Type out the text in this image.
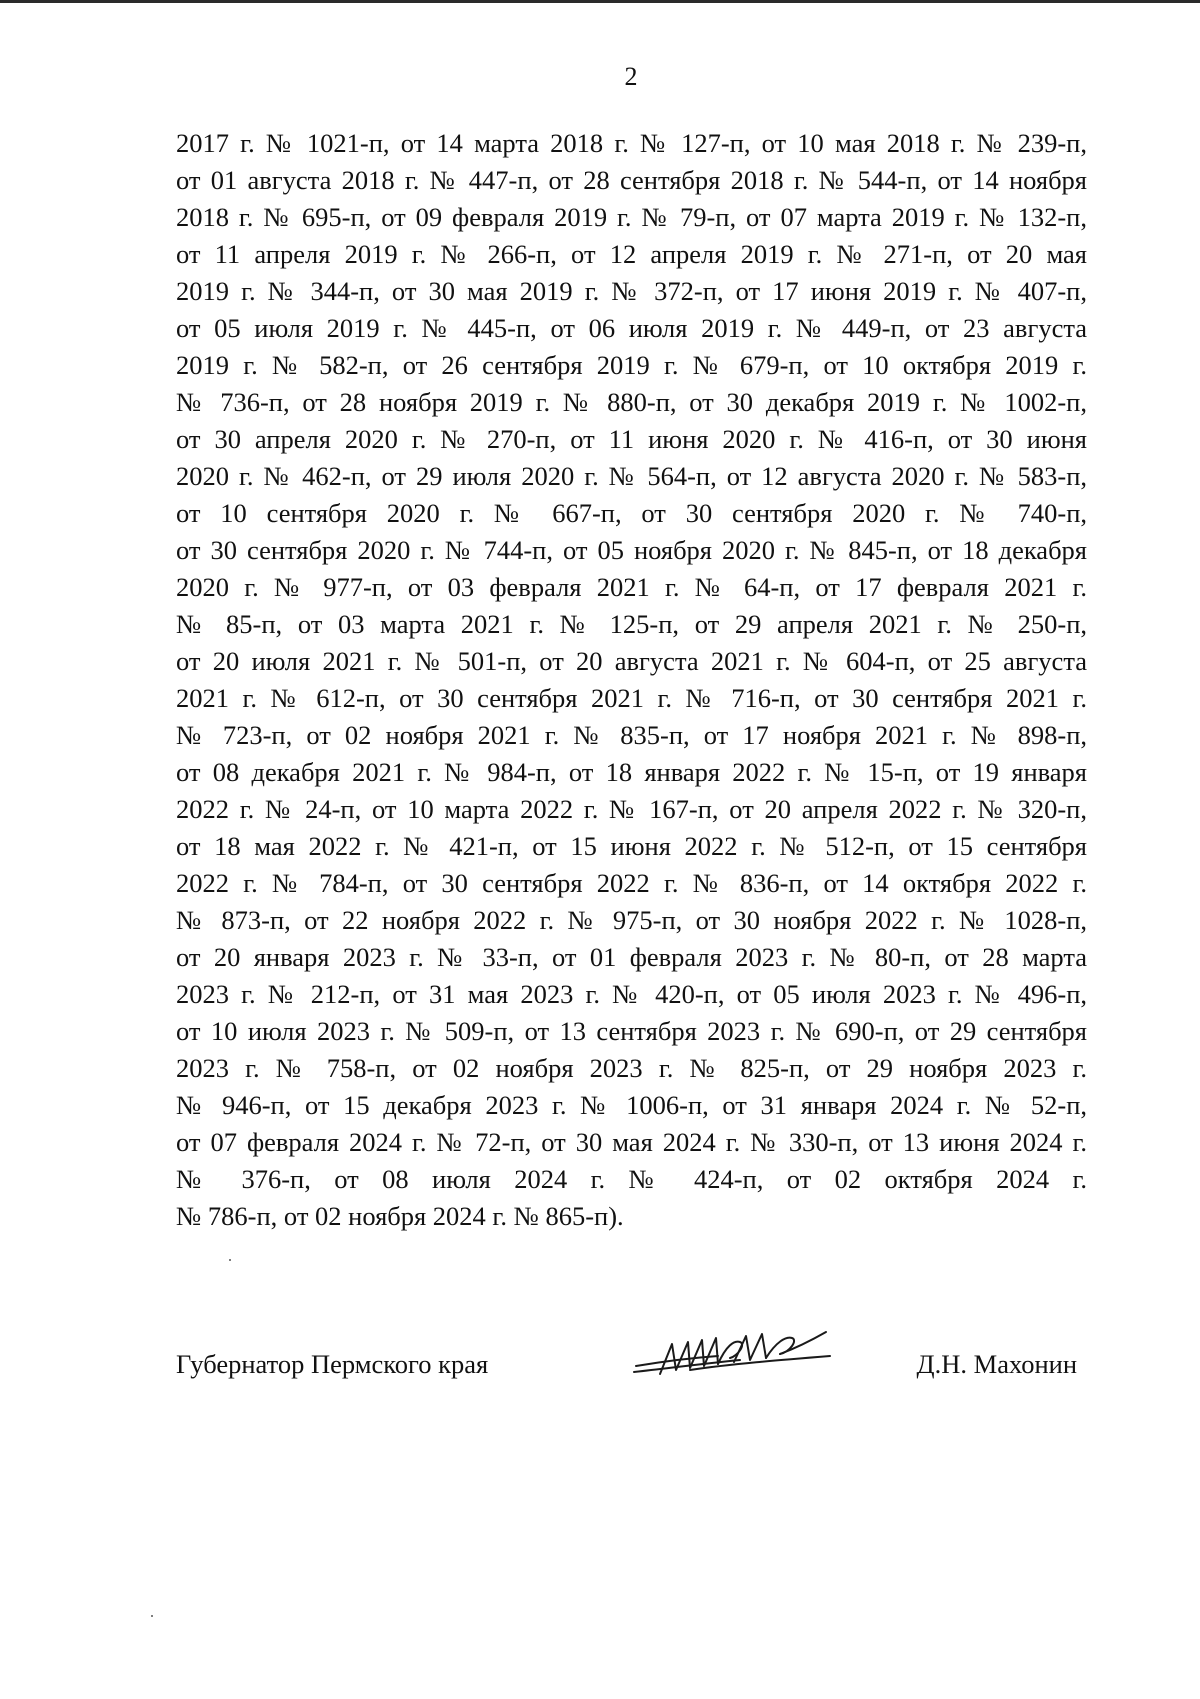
2
2017 г. № 1021-п, от 14 марта 2018 г. № 127-п, от 10 мая 2018 г. № 239-п,
от 01 августа 2018 г. № 447-п, от 28 сентября 2018 г. № 544-п, от 14 ноября
2018 г. № 695-п, от 09 февраля 2019 г. № 79-п, от 07 марта 2019 г. № 132-п,
от 11 апреля 2019 г. № 266-п, от 12 апреля 2019 г. № 271-п, от 20 мая
2019 г. № 344-п, от 30 мая 2019 г. № 372-п, от 17 июня 2019 г. № 407-п,
от 05 июля 2019 г. № 445-п, от 06 июля 2019 г. № 449-п, от 23 августа
2019 г. № 582-п, от 26 сентября 2019 г. № 679-п, от 10 октября 2019 г.
№ 736-п, от 28 ноября 2019 г. № 880-п, от 30 декабря 2019 г. № 1002-п,
от 30 апреля 2020 г. № 270-п, от 11 июня 2020 г. № 416-п, от 30 июня
2020 г. № 462-п, от 29 июля 2020 г. № 564-п, от 12 августа 2020 г. № 583-п,
от 10 сентября 2020 г. № 667-п, от 30 сентября 2020 г. № 740-п,
от 30 сентября 2020 г. № 744-п, от 05 ноября 2020 г. № 845-п, от 18 декабря
2020 г. № 977-п, от 03 февраля 2021 г. № 64-п, от 17 февраля 2021 г.
№ 85-п, от 03 марта 2021 г. № 125-п, от 29 апреля 2021 г. № 250-п,
от 20 июля 2021 г. № 501-п, от 20 августа 2021 г. № 604-п, от 25 августа
2021 г. № 612-п, от 30 сентября 2021 г. № 716-п, от 30 сентября 2021 г.
№ 723-п, от 02 ноября 2021 г. № 835-п, от 17 ноября 2021 г. № 898-п,
от 08 декабря 2021 г. № 984-п, от 18 января 2022 г. № 15-п, от 19 января
2022 г. № 24-п, от 10 марта 2022 г. № 167-п, от 20 апреля 2022 г. № 320-п,
от 18 мая 2022 г. № 421-п, от 15 июня 2022 г. № 512-п, от 15 сентября
2022 г. № 784-п, от 30 сентября 2022 г. № 836-п, от 14 октября 2022 г.
№ 873-п, от 22 ноября 2022 г. № 975-п, от 30 ноября 2022 г. № 1028-п,
от 20 января 2023 г. № 33-п, от 01 февраля 2023 г. № 80-п, от 28 марта
2023 г. № 212-п, от 31 мая 2023 г. № 420-п, от 05 июля 2023 г. № 496-п,
от 10 июля 2023 г. № 509-п, от 13 сентября 2023 г. № 690-п, от 29 сентября
2023 г. № 758-п, от 02 ноября 2023 г. № 825-п, от 29 ноября 2023 г.
№ 946-п, от 15 декабря 2023 г. № 1006-п, от 31 января 2024 г. № 52-п,
от 07 февраля 2024 г. № 72-п, от 30 мая 2024 г. № 330-п, от 13 июня 2024 г.
№ 376-п, от 08 июля 2024 г. № 424-п, от 02 октября 2024 г.
№ 786-п, от 02 ноября 2024 г. № 865-п).
Губернатор Пермского края	Д.Н. Махонин
